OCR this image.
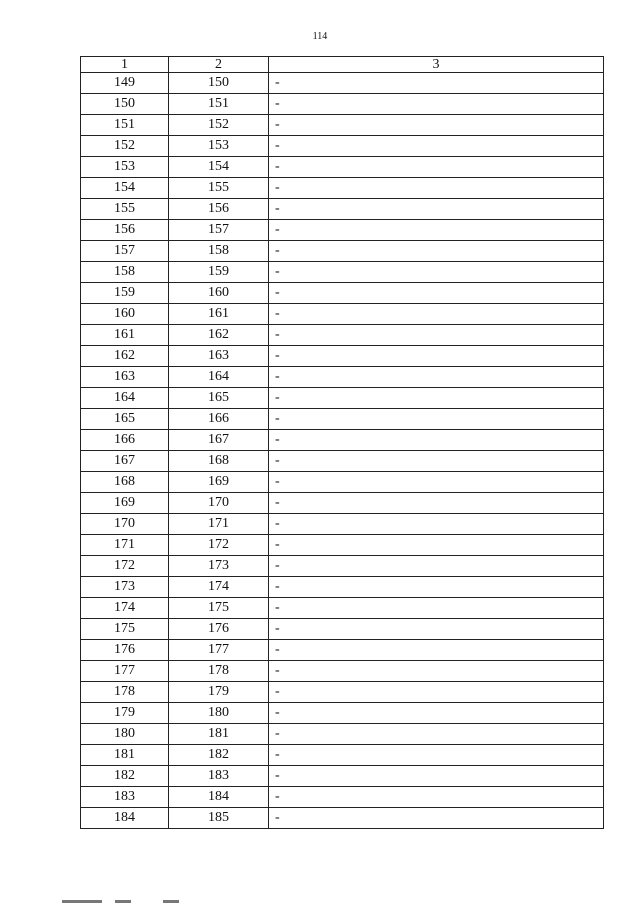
114
1	2	3
149	150	-
150	151	-
151	152	-
152	153	-
153	154	-
154	155	-
155	156	-
156	157	-
157	158	-
158	159	-
159	160	-
160	161	-
161	162	-
162	163	-
163	164	-
164	165	-
165	166	-
166	167	-
167	168	-
168	169	-
169	170	-
170	171	-
171	172	-
172	173	-
173	174	-
174	175	-
175	176	-
176	177	-
177	178	-
178	179	-
179	180	-
180	181	-
181	182	-
182	183	-
183	184	-
184	185	-
